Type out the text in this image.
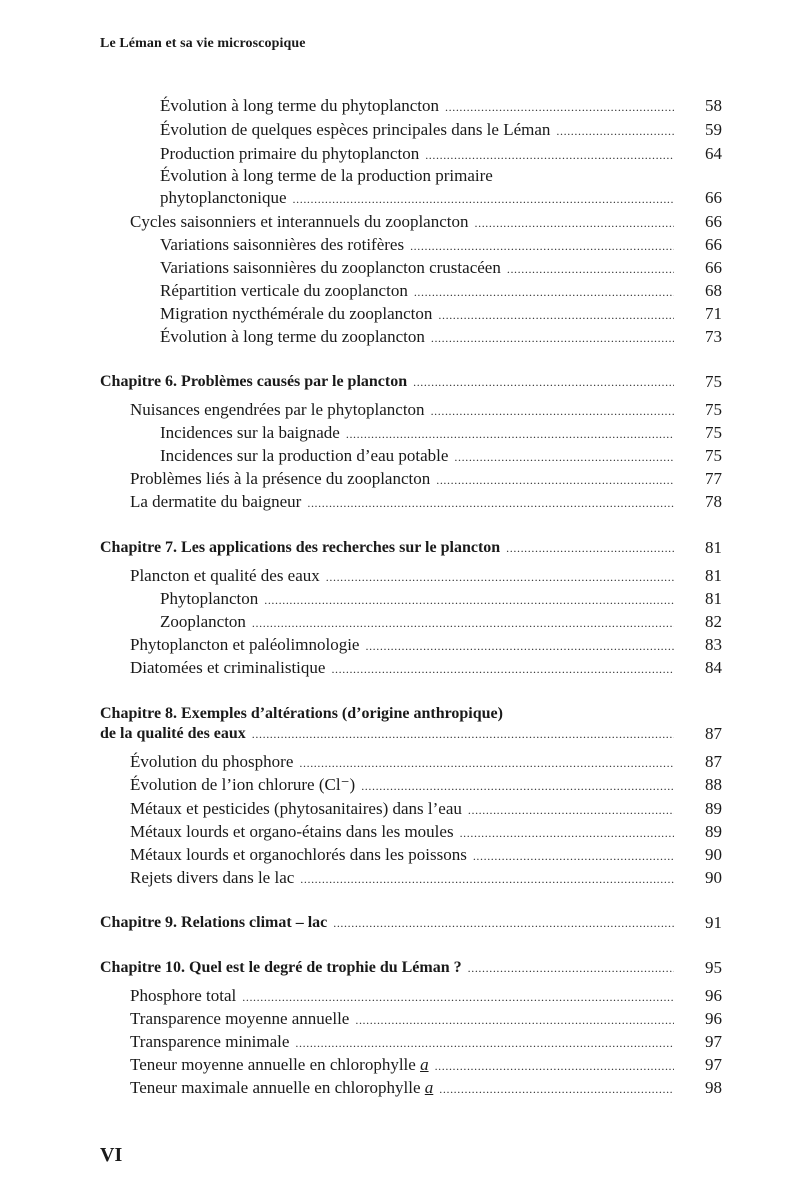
Le Léman et sa vie microscopique
Évolution à long terme du phytoplancton .....	58
Évolution de quelques espèces principales dans le Léman .....	59
Production primaire du phytoplancton .....	64
Évolution à long terme de la production primaire
phytoplanctonique .....	66
Cycles saisonniers et interannuels du zooplancton .....	66
Variations saisonnières des rotifères .....	66
Variations saisonnières du zooplancton crustacéen .....	66
Répartition verticale du zooplancton .....	68
Migration nycthémérale du zooplancton .....	71
Évolution à long terme du zooplancton .....	73
Chapitre 6. Problèmes causés par le plancton .....	75
Nuisances engendrées par le phytoplancton .....	75
Incidences sur la baignade .....	75
Incidences sur la production d’eau potable .....	75
Problèmes liés à la présence du zooplancton .....	77
La dermatite du baigneur .....	78
Chapitre 7. Les applications des recherches sur le plancton .....	81
Plancton et qualité des eaux .....	81
Phytoplancton .....	81
Zooplancton .....	82
Phytoplancton et paléolimnologie .....	83
Diatomées et criminalistique .....	84
Chapitre 8. Exemples d’altérations (d’origine anthropique)
de la qualité des eaux .....	87
Évolution du phosphore .....	87
Évolution de l’ion chlorure (Cl⁻) .....	88
Métaux et pesticides (phytosanitaires) dans l’eau .....	89
Métaux lourds et organo-étains dans les moules .....	89
Métaux lourds et organochlorés dans les poissons .....	90
Rejets divers dans le lac .....	90
Chapitre 9. Relations climat – lac .....	91
Chapitre 10. Quel est le degré de trophie du Léman ? .....	95
Phosphore total .....	96
Transparence moyenne annuelle .....	96
Transparence minimale .....	97
Teneur moyenne annuelle en chlorophylle a .....	97
Teneur maximale annuelle en chlorophylle a .....	98
VI
